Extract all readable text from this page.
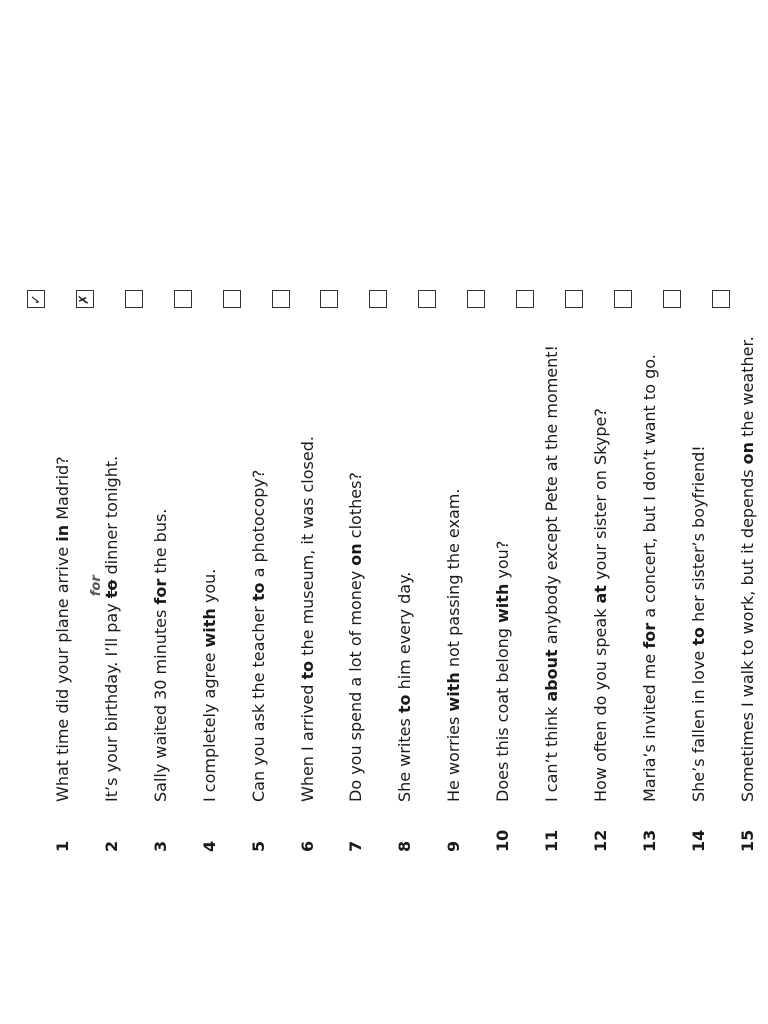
1
What time did your plane arrive in Madrid?
✓
2
It’s your birthday. I’ll pay to
for
dinner tonight.
✗
3
Sally waited 30 minutes for the bus.
4
I completely agree with you.
5
Can you ask the teacher to a photocopy?
6
When I arrived to the museum, it was closed.
7
Do you spend a lot of money on clothes?
8
She writes to him every day.
9
He worries with not passing the exam.
10
Does this coat belong with you?
11
I can’t think about anybody except Pete at the moment!
12
How often do you speak at your sister on Skype?
13
Maria’s invited me for a concert, but I don’t want to go.
14
She’s fallen in love to her sister’s boyfriend!
15
Sometimes I walk to work, but it depends on the weather.
